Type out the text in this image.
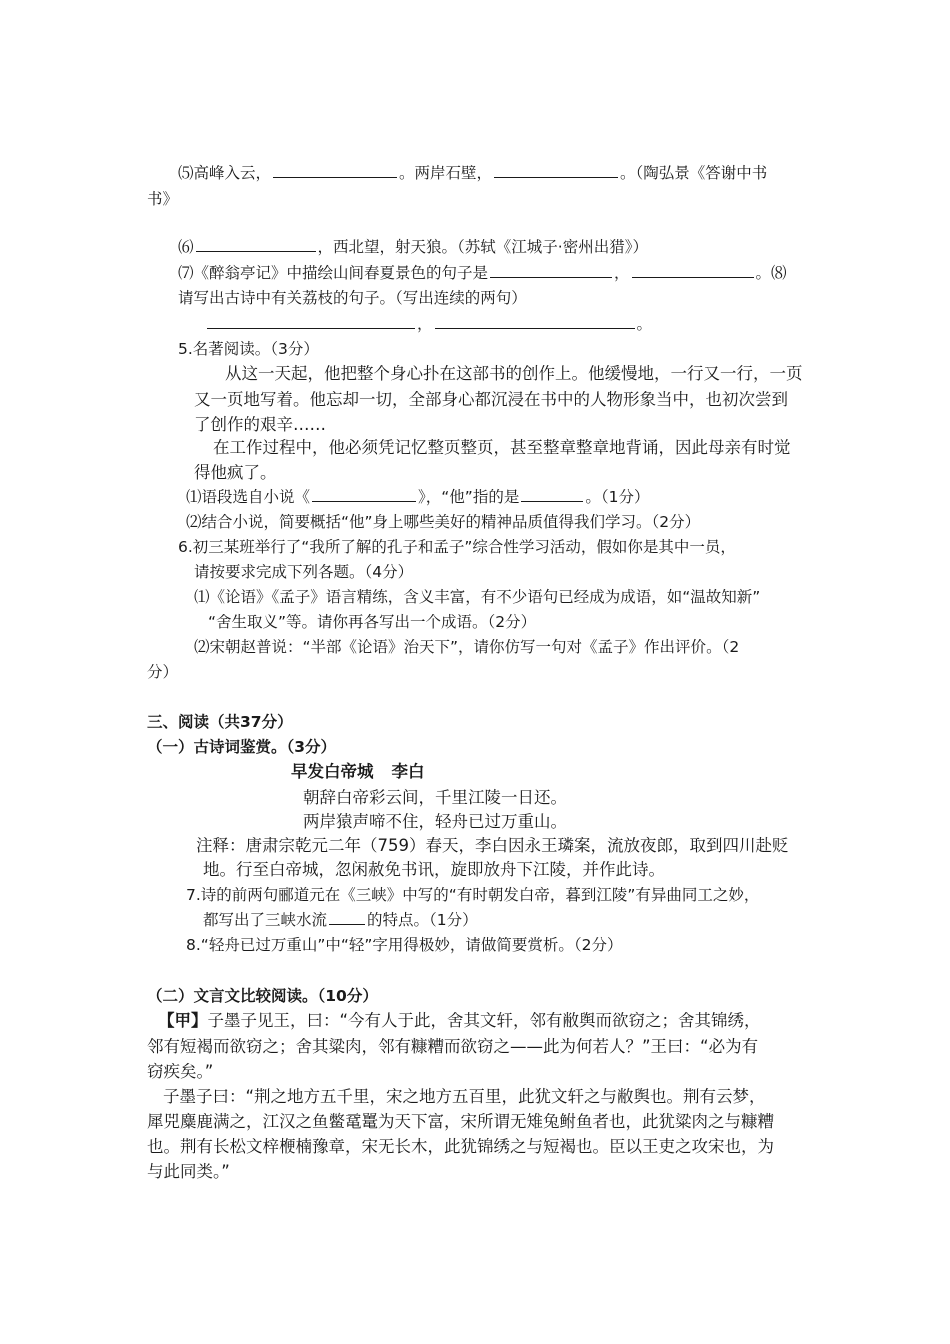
⑸高峰入云，	。两岸石壁，	。（陶弘景《答谢中书
书》
⑹	，西北望，射天狼。（苏轼《江城子·密州出猎》）
⑺《醉翁亭记》中描绘山间春夏景色的句子是	，	。⑻
请写出古诗中有关荔枝的句子。（写出连续的两句）
，	。
5.名著阅读。（3分）
从这一天起，他把整个身心扑在这部书的创作上。他缓慢地，一行又一行，一页
又一页地写着。他忘却一切，全部身心都沉浸在书中的人物形象当中，也初次尝到
了创作的艰辛……
在工作过程中，他必须凭记忆整页整页，甚至整章整章地背诵，因此母亲有时觉
得他疯了。
⑴语段选自小说《	》，“他”指的是	。（1分）
⑵结合小说，简要概括“他”身上哪些美好的精神品质值得我们学习。（2分）
6.初三某班举行了“我所了解的孔子和孟子”综合性学习活动，假如你是其中一员，
请按要求完成下列各题。（4分）
⑴《论语》《孟子》语言精练，含义丰富，有不少语句已经成为成语，如“温故知新”
“舍生取义”等。请你再各写出一个成语。（2分）
⑵宋朝赵普说：“半部《论语》治天下”，请你仿写一句对《孟子》作出评价。（2
分）
三、阅读（共37分）
（一）古诗词鉴赏。（3分）
早发白帝城 李白
朝辞白帝彩云间，千里江陵一日还。
两岸猿声啼不住，轻舟已过万重山。
注释：唐肃宗乾元二年（759）春天，李白因永王璘案，流放夜郎，取到四川赴贬
地。行至白帝城，忽闲赦免书讯，旋即放舟下江陵，并作此诗。
7.诗的前两句郦道元在《三峡》中写的“有时朝发白帝，暮到江陵”有异曲同工之妙，
都写出了三峡水流	的特点。（1分）
8.“轻舟已过万重山”中“轻”字用得极妙，请做简要赏析。（2分）
（二）文言文比较阅读。（10分）
【甲】子墨子见王，曰：“今有人于此，舍其文轩，邻有敝舆而欲窃之；舍其锦绣，
邻有短褐而欲窃之；舍其粱肉，邻有糠糟而欲窃之——此为何若人？”王曰：“必为有
窃疾矣。”
子墨子曰：“荆之地方五千里，宋之地方五百里，此犹文轩之与敝舆也。荆有云梦，
犀兕麋鹿满之，江汉之鱼鳖鼋鼍为天下富，宋所谓无雉兔鲋鱼者也，此犹粱肉之与糠糟
也。荆有长松文梓楩楠豫章，宋无长木，此犹锦绣之与短褐也。臣以王吏之攻宋也，为
与此同类。”
